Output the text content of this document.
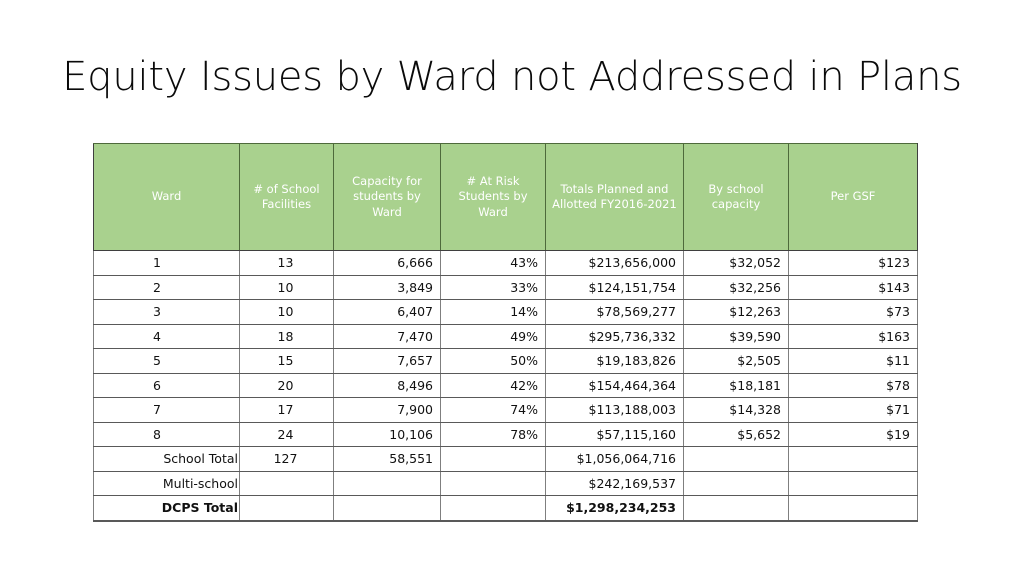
Equity Issues by Ward not Addressed in Plans
Ward	# of School Facilities	Capacity for students by Ward	# At Risk Students by Ward	Totals Planned and Allotted FY2016-2021	By school capacity	Per GSF
1	13	6,666	43%	$213,656,000	$32,052	$123
2	10	3,849	33%	$124,151,754	$32,256	$143
3	10	6,407	14%	$78,569,277	$12,263	$73
4	18	7,470	49%	$295,736,332	$39,590	$163
5	15	7,657	50%	$19,183,826	$2,505	$11
6	20	8,496	42%	$154,464,364	$18,181	$78
7	17	7,900	74%	$113,188,003	$14,328	$71
8	24	10,106	78%	$57,115,160	$5,652	$19
School Total	127	58,551		$1,056,064,716		
Multi-school				$242,169,537		
DCPS Total				$1,298,234,253		
